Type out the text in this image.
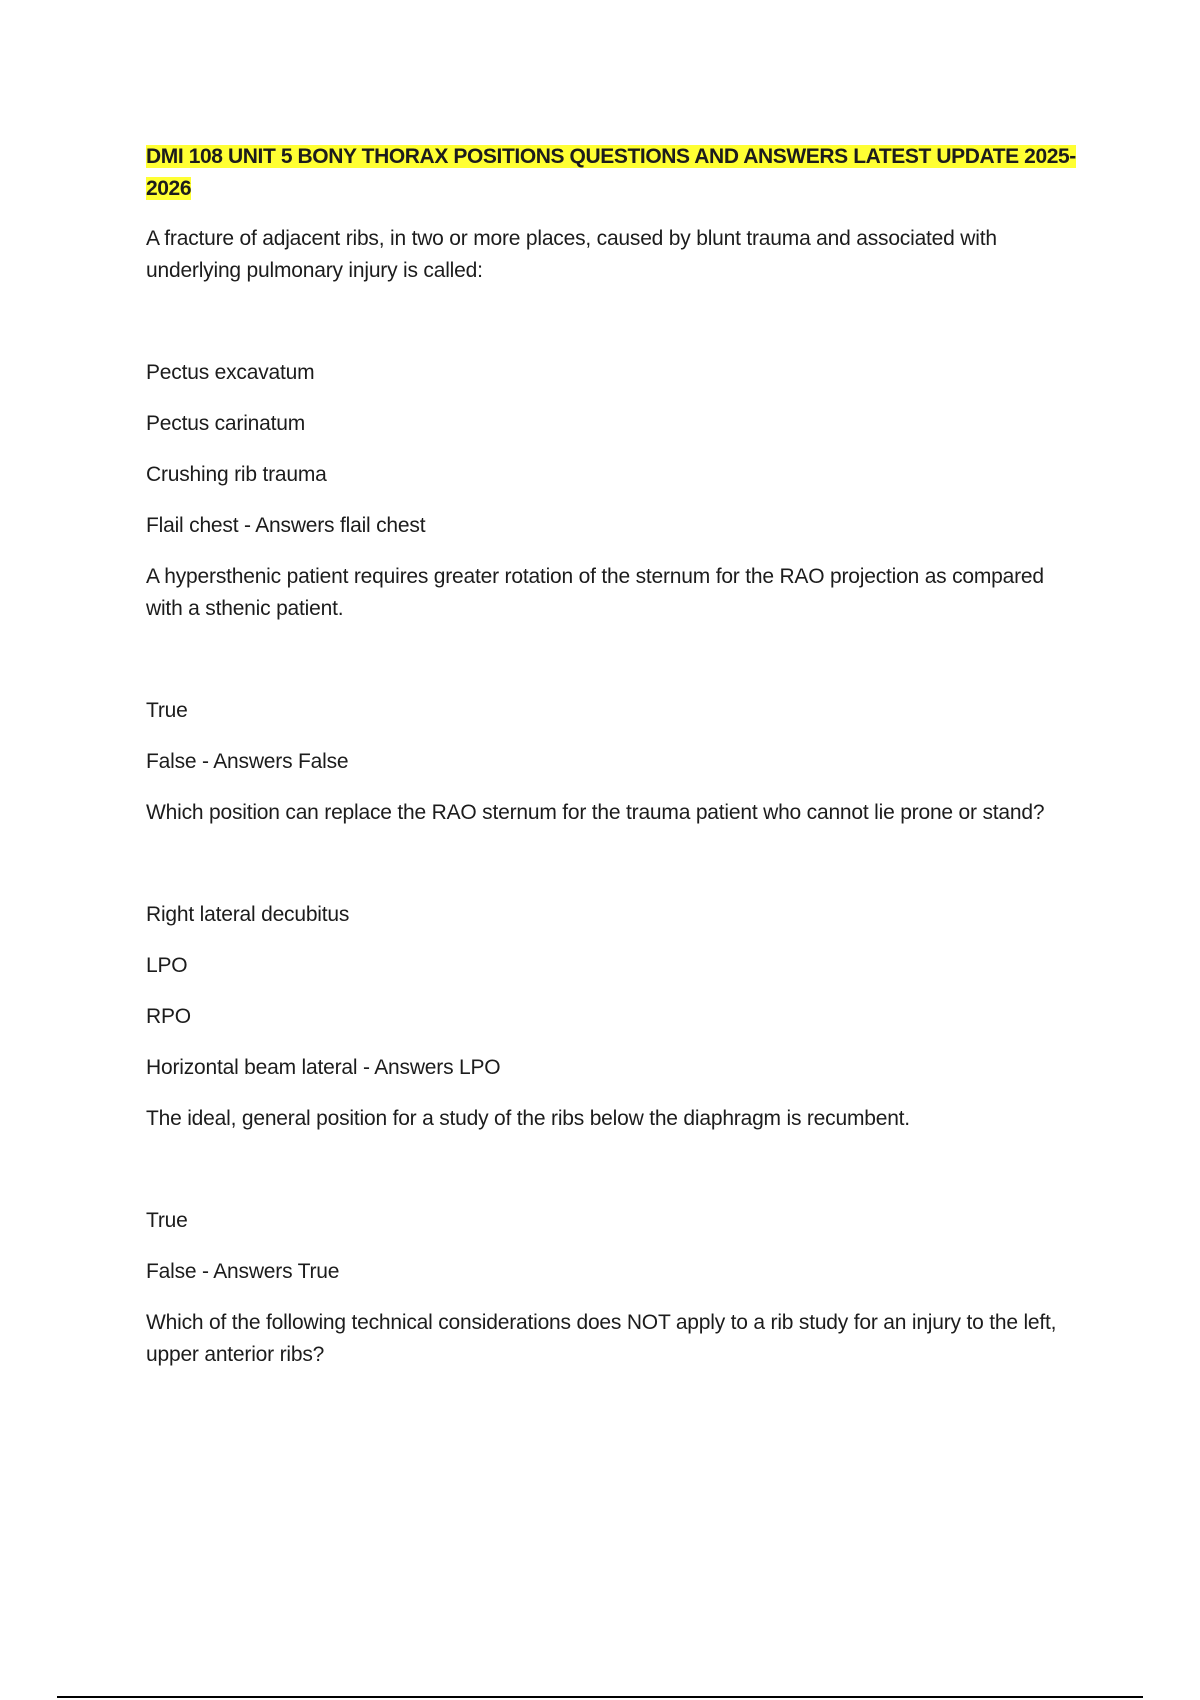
DMI 108 UNIT 5 BONY THORAX POSITIONS QUESTIONS AND ANSWERS LATEST UPDATE 2025-2026
A fracture of adjacent ribs, in two or more places, caused by blunt trauma and associated with underlying pulmonary injury is called:
Pectus excavatum
Pectus carinatum
Crushing rib trauma
Flail chest - Answers flail chest
A hypersthenic patient requires greater rotation of the sternum for the RAO projection as compared with a sthenic patient.
True
False - Answers False
Which position can replace the RAO sternum for the trauma patient who cannot lie prone or stand?
Right lateral decubitus
LPO
RPO
Horizontal beam lateral - Answers LPO
The ideal, general position for a study of the ribs below the diaphragm is recumbent.
True
False - Answers True
Which of the following technical considerations does NOT apply to a rib study for an injury to the left, upper anterior ribs?
